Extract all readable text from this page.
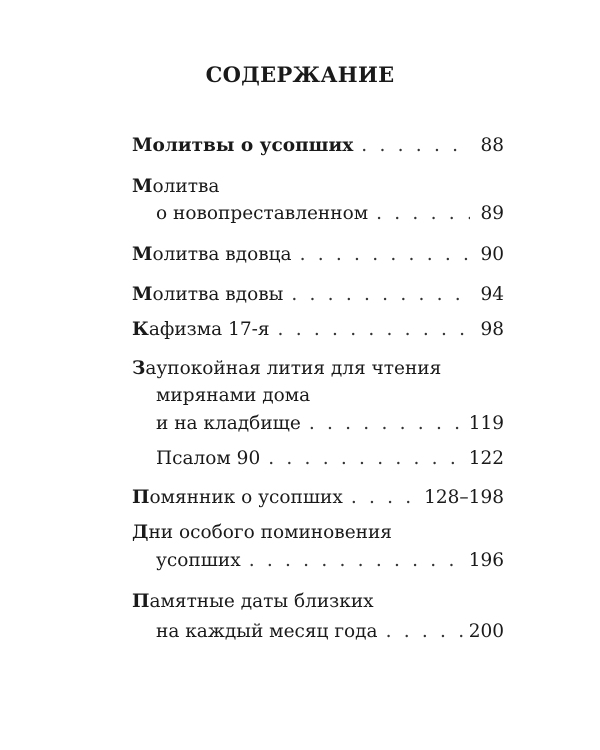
СОДЕРЖАНИЕ
Молитвы о усопших . . .	88
Молитва
о новопреставленном . . .	89
Молитва вдовца . . .	90
Молитва вдовы . . .	94
Кафизма 17-я . . .	98
Заупокойная лития для чтения
мирянами дома
и на кладбище . . .	119
Псалом 90 . . .	122
Помянник о усопших . . .	128–198
Дни особого поминовения
усопших . . .	196
Памятные даты близких
на каждый месяц года . . .	200
